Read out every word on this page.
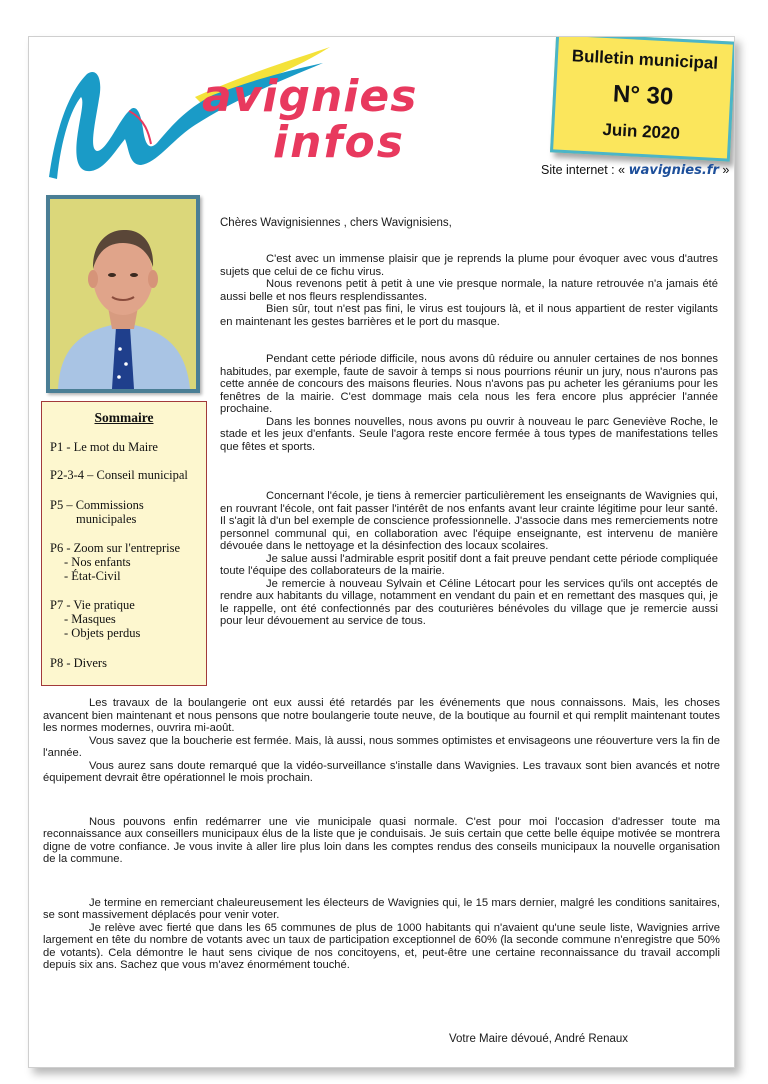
avignies
infos
Bulletin municipal
N° 30
Juin 2020
Site internet : « wavignies.fr »
Sommaire
P1 - Le mot du Maire
P2-3-4 – Conseil municipal
P5 – Commissions
municipales
P6 - Zoom sur l'entreprise
- Nos enfants
- État-Civil
P7 - Vie pratique
- Masques
- Objets perdus
P8 - Divers
Chères Wavignisiennes , chers Wavignisiens,

C'est avec un immense plaisir que je reprends la plume pour évoquer avec vous d'autres sujets que celui de ce fichu virus.

Nous revenons petit à petit à une vie presque normale, la nature retrouvée n'a jamais été aussi belle et nos fleurs resplendissantes.

Bien sûr, tout n'est pas fini, le virus est toujours là, et il nous appartient de rester vigilants en maintenant les gestes barrières et le port du masque.

Pendant cette période difficile, nous avons dû réduire ou annuler certaines de nos bonnes habitudes, par exemple, faute de savoir à temps si nous pourrions réunir un jury, nous n'aurons pas cette année de concours des maisons fleuries. Nous n'avons pas pu acheter les géraniums pour les fenêtres de la mairie. C'est dommage mais cela nous les fera encore plus apprécier l'année prochaine.

Dans les bonnes nouvelles, nous avons pu ouvrir à nouveau le parc Geneviève Roche, le stade et les jeux d'enfants. Seule l'agora reste encore fermée à tous types de manifestations telles que fêtes et sports.

Concernant l'école, je tiens à remercier particulièrement les enseignants de Wavignies qui, en rouvrant l'école, ont fait passer l'intérêt de nos enfants avant leur crainte légitime pour leur santé. Il s'agit là d'un bel exemple de conscience professionnelle. J'associe dans mes remerciements notre personnel communal qui, en collaboration avec l'équipe enseignante, est intervenu de manière dévouée dans le nettoyage et la désinfection des locaux scolaires.

Je salue aussi l'admirable esprit positif dont a fait preuve pendant cette période compliquée toute l'équipe des collaborateurs de la mairie.

Je remercie à nouveau Sylvain et Céline Létocart pour les services qu'ils ont acceptés de rendre aux habitants du village, notamment en vendant du pain et en remettant des masques qui, je le rappelle, ont été confectionnés par des couturières bénévoles du village que je remercie aussi pour leur dévouement au service de tous.

Les travaux de la boulangerie ont eux aussi été retardés par les événements que nous connaissons. Mais, les choses avancent bien maintenant et nous pensons que notre boulangerie toute neuve, de la boutique au fournil et qui remplit maintenant toutes les normes modernes, ouvrira mi-août.

Vous savez que la boucherie est fermée. Mais, là aussi, nous sommes optimistes et envisageons une réouverture vers la fin de l'année.

Vous aurez sans doute remarqué que la vidéo-surveillance s'installe dans Wavignies. Les travaux sont bien avancés et notre équipement devrait être opérationnel le mois prochain.

Nous pouvons enfin redémarrer une vie municipale quasi normale. C'est pour moi l'occasion d'adresser toute ma reconnaissance aux conseillers municipaux élus de la liste que je conduisais. Je suis certain que cette belle équipe motivée se montrera digne de votre confiance. Je vous invite à aller lire plus loin dans les comptes rendus des conseils municipaux la nouvelle organisation de la commune.

Je termine en remerciant chaleureusement les électeurs de Wavignies qui, le 15 mars dernier, malgré les conditions sanitaires, se sont massivement déplacés pour venir voter.

Je relève avec fierté que dans les 65 communes de plus de 1000 habitants qui n'avaient qu'une seule liste, Wavignies arrive largement en tête du nombre de votants avec un taux de participation exceptionnel de 60% (la seconde commune n'enregistre que 50% de votants). Cela démontre le haut sens civique de nos concitoyens, et, peut-être une certaine reconnaissance du travail accompli depuis six ans. Sachez que vous m'avez énormément touché.

Votre Maire dévoué, André Renaux
